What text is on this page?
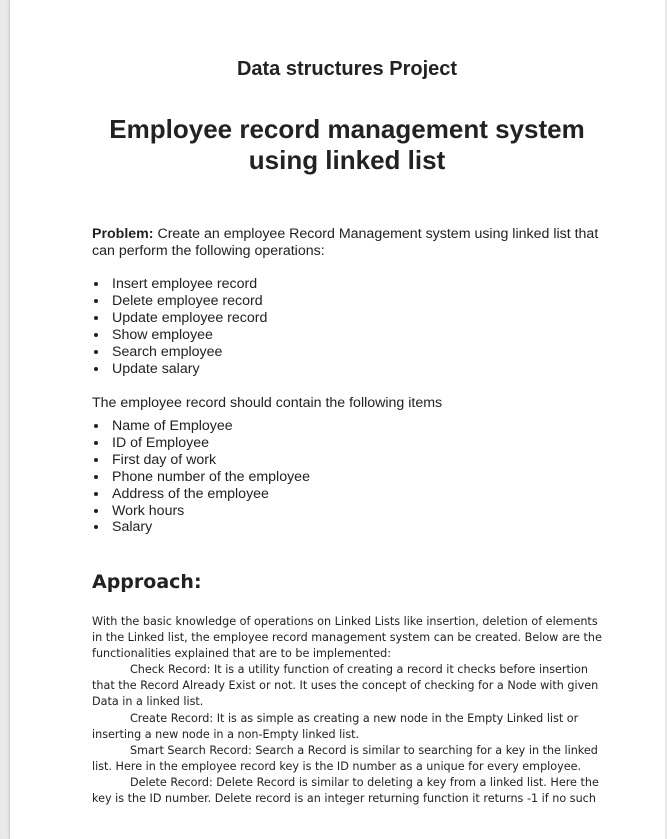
Data structures Project
Employee record management system
using linked list
Problem: Create an employee Record Management system using linked list that can perform the following operations:
Insert employee record
Delete employee record
Update employee record
Show employee
Search employee
Update salary
The employee record should contain the following items
Name of Employee
ID of Employee
First day of work
Phone number of the employee
Address of the employee
Work hours
Salary
Approach:

With the basic knowledge of operations on Linked Lists like insertion, deletion of elements in the Linked list, the employee record management system can be created. Below are the functionalities explained that are to be implemented:

Check Record: It is a utility function of creating a record it checks before insertion that the Record Already Exist or not. It uses the concept of checking for a Node with given Data in a linked list.

Create Record: It is as simple as creating a new node in the Empty Linked list or inserting a new node in a non-Empty linked list.

Smart Search Record: Search a Record is similar to searching for a key in the linked list. Here in the employee record key is the ID number as a unique for every employee.

Delete Record: Delete Record is similar to deleting a key from a linked list. Here the key is the ID number. Delete record is an integer returning function it returns -1 if no such
